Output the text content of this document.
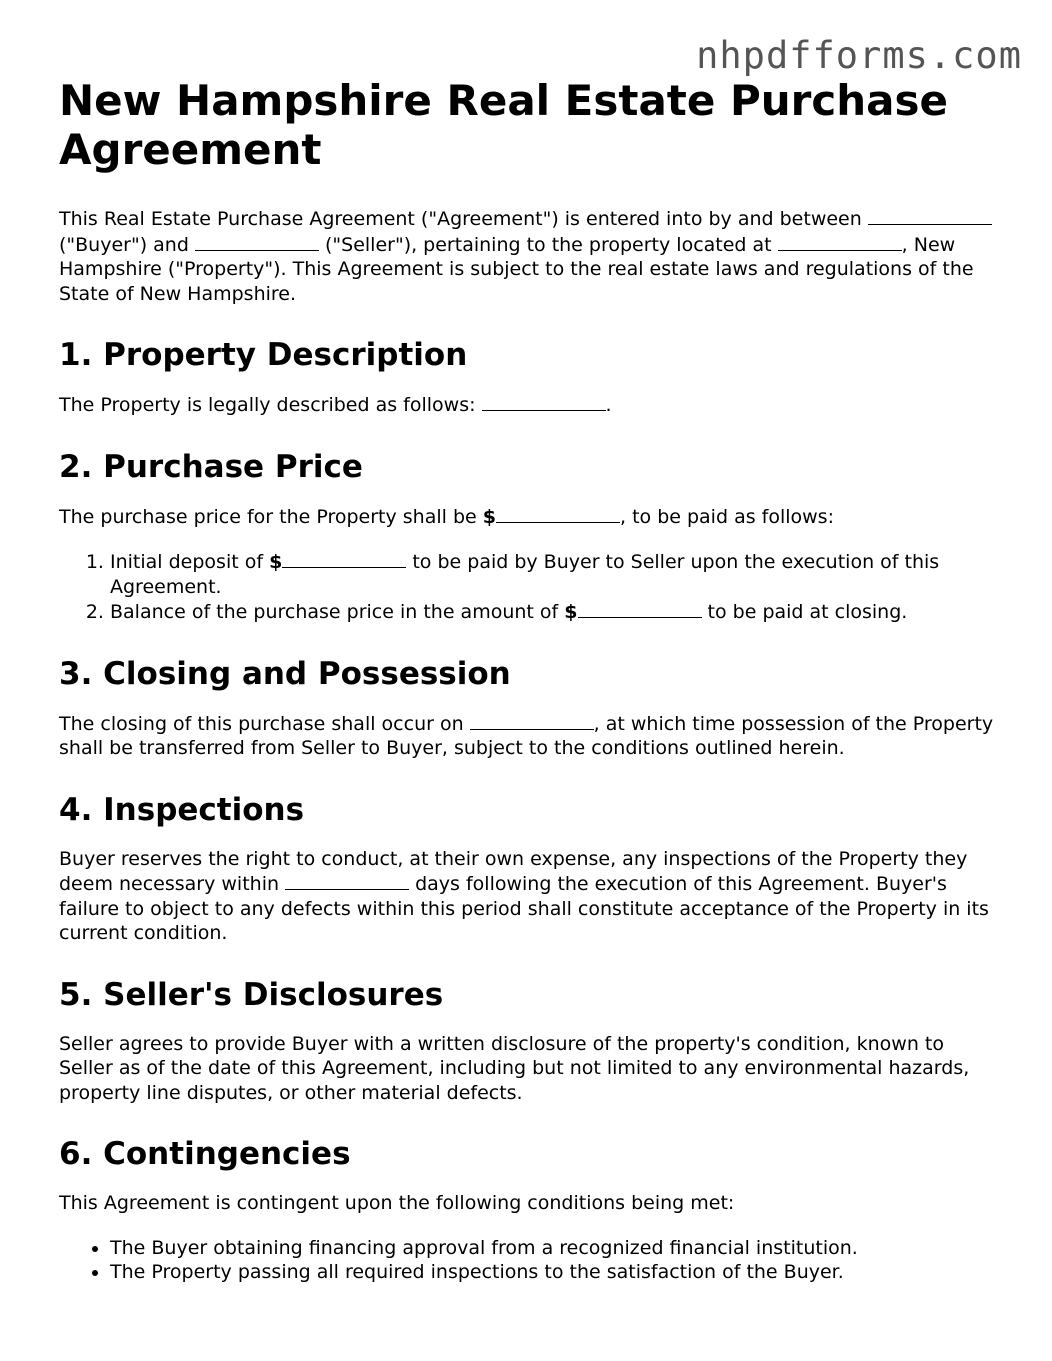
nhpdfforms.com
New Hampshire Real Estate Purchase Agreement

This Real Estate Purchase Agreement ("Agreement") is entered into by and between  ("Buyer") and	("Seller"), pertaining to the property located at	, New Hampshire ("Property"). This Agreement is subject to the real estate laws and regulations of the State of New Hampshire.

1. Property Description

The Property is legally described as follows:	.

2. Purchase Price

The purchase price for the Property shall be $	, to be paid as follows:

1. Initial deposit of $	to be paid by Buyer to Seller upon the execution of this Agreement.
2. Balance of the purchase price in the amount of $	to be paid at closing.
3. Closing and Possession

The closing of this purchase shall occur on	, at which time possession of the Property shall be transferred from Seller to Buyer, subject to the conditions outlined herein.

4. Inspections

Buyer reserves the right to conduct, at their own expense, any inspections of the Property they deem necessary within	days following the execution of this Agreement. Buyer's failure to object to any defects within this period shall constitute acceptance of the Property in its current condition.

5. Seller's Disclosures

Seller agrees to provide Buyer with a written disclosure of the property's condition, known to Seller as of the date of this Agreement, including but not limited to any environmental hazards, property line disputes, or other material defects.

6. Contingencies

This Agreement is contingent upon the following conditions being met:

• The Buyer obtaining financing approval from a recognized financial institution.
• The Property passing all required inspections to the satisfaction of the Buyer.
